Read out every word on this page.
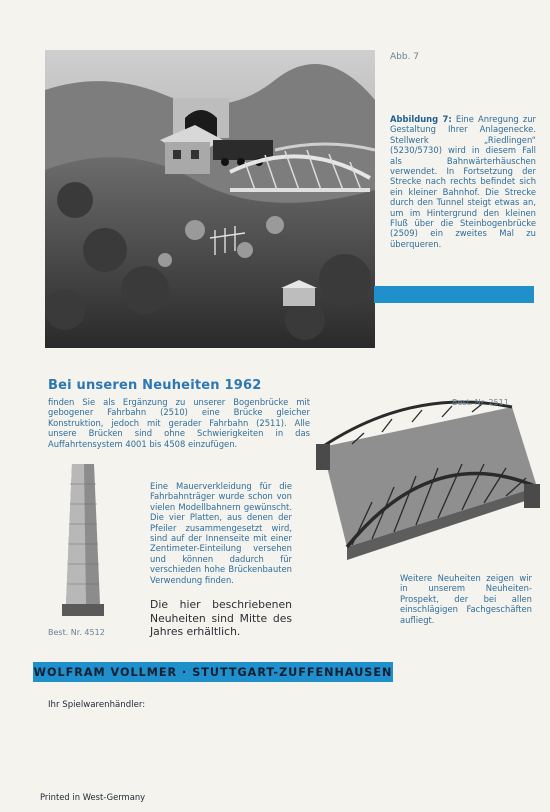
Abb. 7
Abbildung 7: Eine Anregung zur Gestaltung Ihrer Anlagenecke. Stellwerk „Riedlingen“ (5230/5730) wird in diesem Fall als Bahnwärterhäuschen verwendet. In Fortsetzung der Strecke nach rechts befindet sich ein kleiner Bahnhof. Die Strecke durch den Tunnel steigt etwas an, um im Hintergrund den kleinen Fluß über die Steinbogenbrücke (2509) ein zweites Mal zu überqueren.
Bei unseren Neuheiten 1962
finden Sie als Ergänzung zu unserer Bogenbrücke mit gebogener Fahrbahn (2510) eine Brücke gleicher Konstruktion, jedoch mit gerader Fahrbahn (2511). Alle unsere Brücken sind ohne Schwierigkeiten in das Auffahrtensystem 4001 bis 4508 einzufügen.
Best. Nr. 2511
Best. Nr. 4512
Eine Mauerverkleidung für die Fahrbahnträger wurde schon von vielen Modellbahnern gewünscht. Die vier Platten, aus denen der Pfeiler zusammengesetzt wird, sind auf der Innenseite mit einer Zentimeter-Einteilung versehen und können dadurch für verschieden hohe Brückenbauten Verwendung finden.
Die hier beschriebenen Neuheiten sind Mitte des Jahres erhältlich.
Weitere Neuheiten zeigen wir in unserem Neuheiten-Prospekt, der bei allen einschlägigen Fachgeschäften aufliegt.
WOLFRAM VOLLMER · STUTTGART-ZUFFENHAUSEN
Ihr Spielwarenhändler:
Printed in West-Germany
